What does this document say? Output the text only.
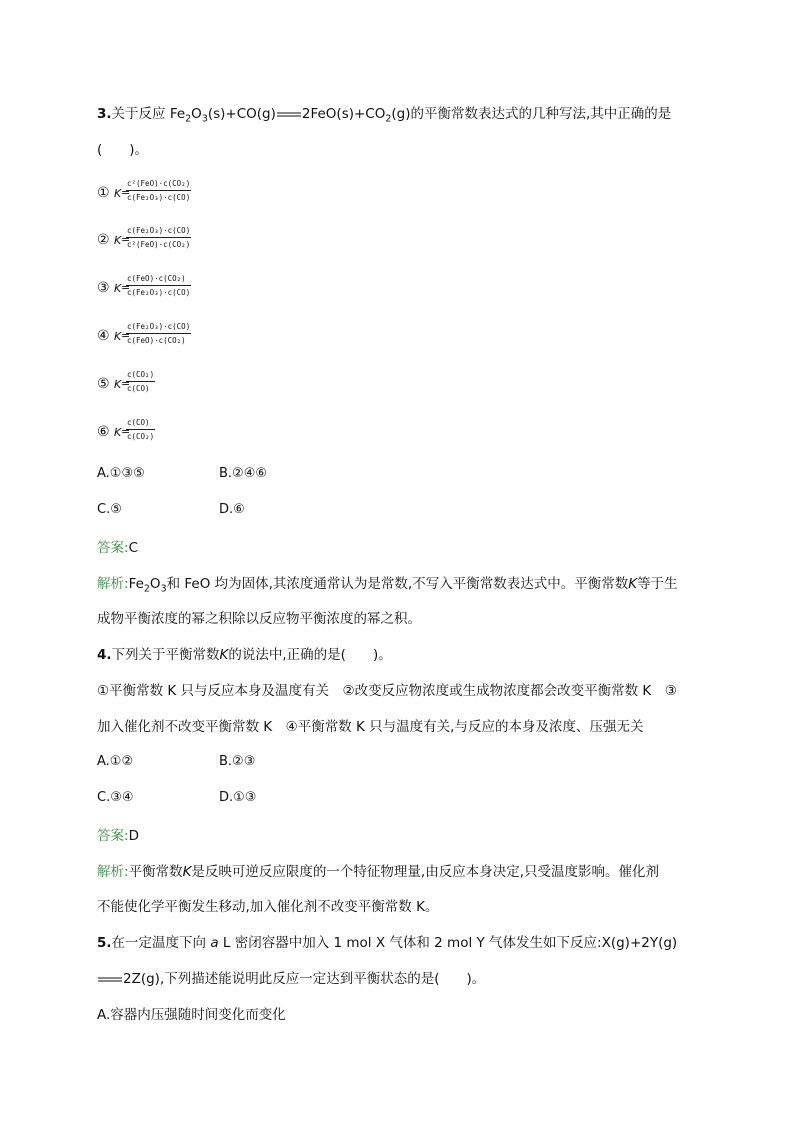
3.关于反应 $Fe_2O_3(s)+CO(g)$ $2FeO(s)+CO_2(g)$的平衡常数表达式的几种写法,其中正确的是
(　　)。
① K =
c²(FeO)·c(CO₂)
c(Fe₂O₃)·c(CO)
② K =
c(Fe₂O₃)·c(CO)
c²(FeO)·c(CO₂)
③ K =
c(FeO)·c(CO₂)
c(Fe₂O₃)·c(CO)
④ K =
c(Fe₂O₃)·c(CO)
c(FeO)·c(CO₂)
⑤ K =
c(CO₂)
c(CO)
⑥ K =
c(CO)
c(CO₂)
A.①③⑤	B.②④⑥
C.⑤	D.⑥
答案:C
解析$:Fe_2O_3$和 FeO 均为固体,其浓度通常认为是常数,不写入平衡常数表达式中。平衡常数K等于生
成物平衡浓度的幂之积除以反应物平衡浓度的幂之积。
4.下列关于平衡常数K的说法中,正确的是(　　)。
①平衡常数 K 只与反应本身及温度有关　②改变反应物浓度或生成物浓度都会改变平衡常数 K　③
加入催化剂不改变平衡常数 K　④平衡常数 K 只与温度有关,与反应的本身及浓度、压强无关
A.①②	B.②③
C.③④	D.①③
答案:D
解析:平衡常数K是反映可逆反应限度的一个特征物理量,由反应本身决定,只受温度影响。催化剂
不能使化学平衡发生移动,加入催化剂不改变平衡常数 K。
5.在一定温度下向 a L 密闭容器中加入 1 mol X 气体和 2 mol Y 气体发生如下反应:X(g)+2Y(g)
2Z(g),下列描述能说明此反应一定达到平衡状态的是(　　)。
A.容器内压强随时间变化而变化
